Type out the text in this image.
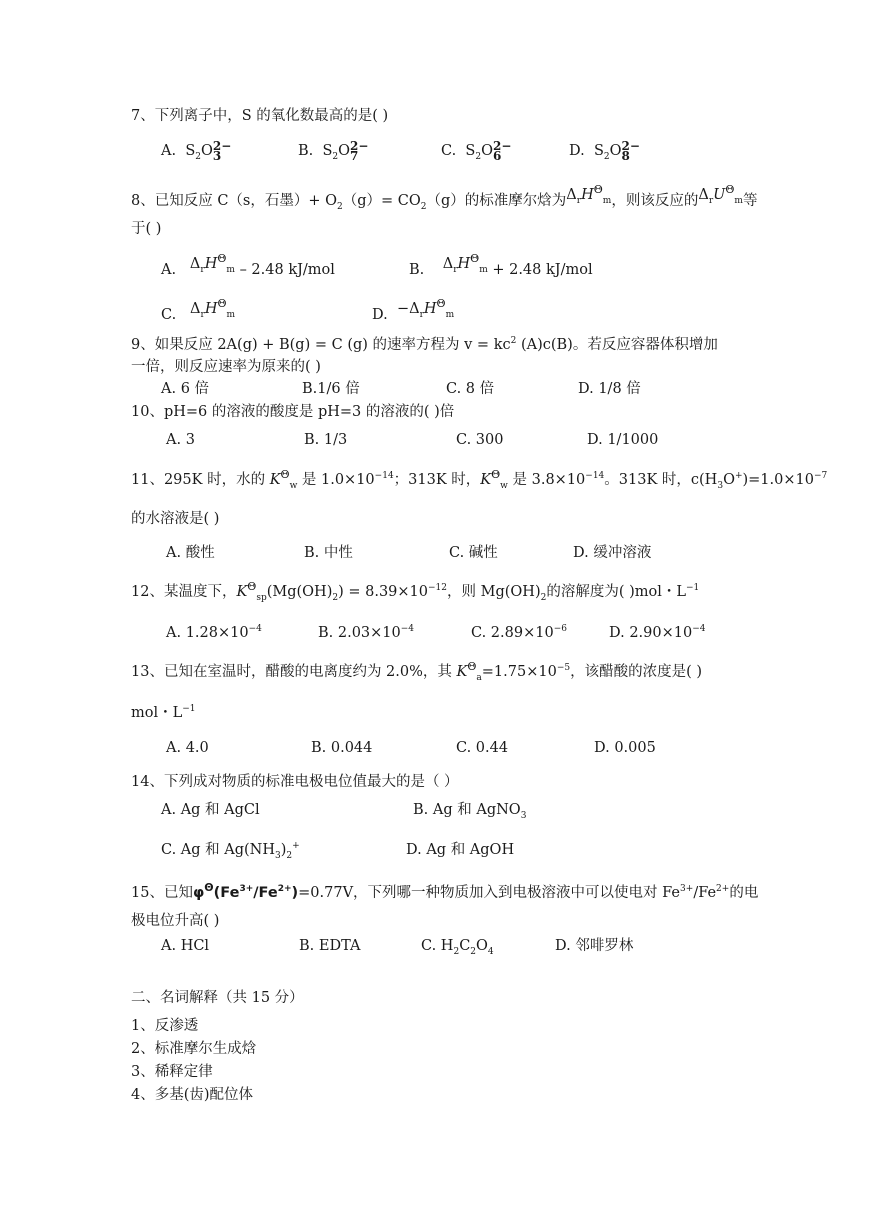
7、下列离子中，S 的氧化数最高的是( )
A. $S_2O$ 2−
3	B. $S_2O$ 2−
7	C. $S_2O$ 2−
6	D. $S_2O$ 2−
8
8、已知反应 C（s，石墨）+ $O_2(g)= CO_2(g)$的标准摩尔焓为$\Delta_rH^\Theta_m$，则该反应的$\Delta_rU^\Theta_m$等
于( )
A. $\Delta_rH^\Theta_m - 2.48$ kJ/mol	B. $\Delta_rH^\Theta_m + 2.48$ kJ/mol
C. $\Delta_rH^\Theta_m$	D. $-\Delta_rH^\Theta_m$
9、如果反应 2A(g) + B(g) = C (g) 的速率方程为 $v = kc^2$ (A)c(B)。若反应容器体积增加
一倍，则反应速率为原来的( )
A. 6 倍	B.1/6 倍	C. 8 倍	D. 1/8 倍
10、pH=6 的溶液的酸度是 pH=3 的溶液的( )倍
A. 3	B. 1/3	C. 300	D. 1/1000
11、295K 时，水的 $K^\Theta_w$ 是 $1.0\times 10^{-14}$；313K 时，$K^\Theta_w$ 是 $3.8\times 10^{-14}$。313K 时，$c(H_3O^+)=1.0\times 10^{-7}$
的水溶液是( )
A. 酸性	B. 中性	C. 碱性	D. 缓冲溶液
12、某温度下，$K^\Theta_{sp}(Mg(OH)_2) = 8.39\times 10^{-12}$，则 $Mg(OH)_2$的溶解度为( )mol・$L^{-1}$
A. $1.28\times 10^{-4}$	B. $2.03\times 10^{-4}$	C. $2.89\times 10^{-6}$	D. $2.90\times 10^{-4}$
13、已知在室温时，醋酸的电离度约为 2.0%，其 $K^\Theta_a=1.75\times 10^{-5}$，该醋酸的浓度是( )
mol・$L^{-1}$
A. 4.0	B. 0.044	C. 0.44	D. 0.005
14、下列成对物质的标准电极电位值最大的是（ ）
A. Ag 和 AgCl	B. Ag 和 AgNO$_3$
C. Ag 和 $Ag(NH_3)_2^+$	D. Ag 和 AgOH
15、已知$\varphi^\Theta(Fe^{3+}/Fe^{2+})=0.77V$，下列哪一种物质加入到电极溶液中可以使电对 $Fe^{3+}/Fe^{2+}$的电
极电位升高( )
A. HCl	B. EDTA	C. $H_2C_2O_4$	D. 邻啡罗林
二、名词解释（共 15 分）
1、反渗透
2、标准摩尔生成焓
3、稀释定律
4、多基(齿)配位体
